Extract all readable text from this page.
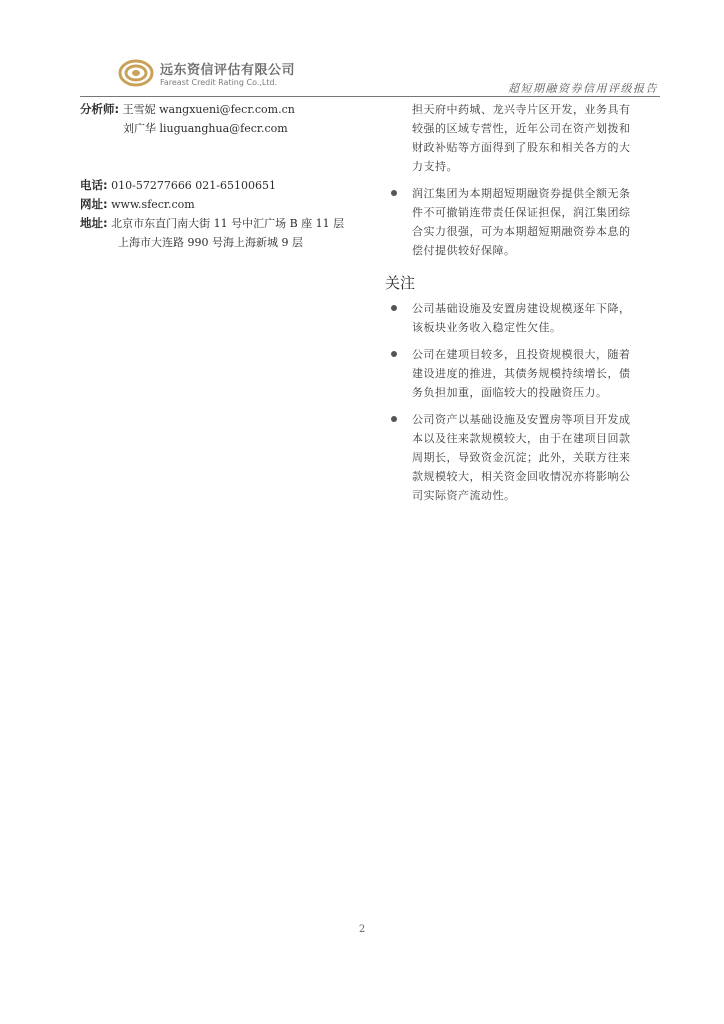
远东资信评估有限公司
Fareast Credit Rating Co.,Ltd.	超短期融资券信用评级报告
分析师: 王雪妮 wangxueni@fecr.com.cn
刘广华 liuguanghua@fecr.com
电话: 010-57277666 021-65100651
网址: www.sfecr.com
地址: 北京市东直门南大街 11 号中汇广场 B 座 11 层
上海市大连路 990 号海上海新城 9 层
担天府中药城、龙兴寺片区开发，业务具有
较强的区域专营性，近年公司在资产划拨和
财政补贴等方面得到了股东和相关各方的大
力支持。
润江集团为本期超短期融资券提供全额无条
件不可撤销连带责任保证担保，润江集团综
合实力很强，可为本期超短期融资券本息的
偿付提供较好保障。
关注
公司基础设施及安置房建设规模逐年下降，
该板块业务收入稳定性欠佳。
公司在建项目较多，且投资规模很大，随着
建设进度的推进，其债务规模持续增长，债
务负担加重，面临较大的投融资压力。
公司资产以基础设施及安置房等项目开发成
本以及往来款规模较大，由于在建项目回款
周期长，导致资金沉淀；此外，关联方往来
款规模较大，相关资金回收情况亦将影响公
司实际资产流动性。
2
